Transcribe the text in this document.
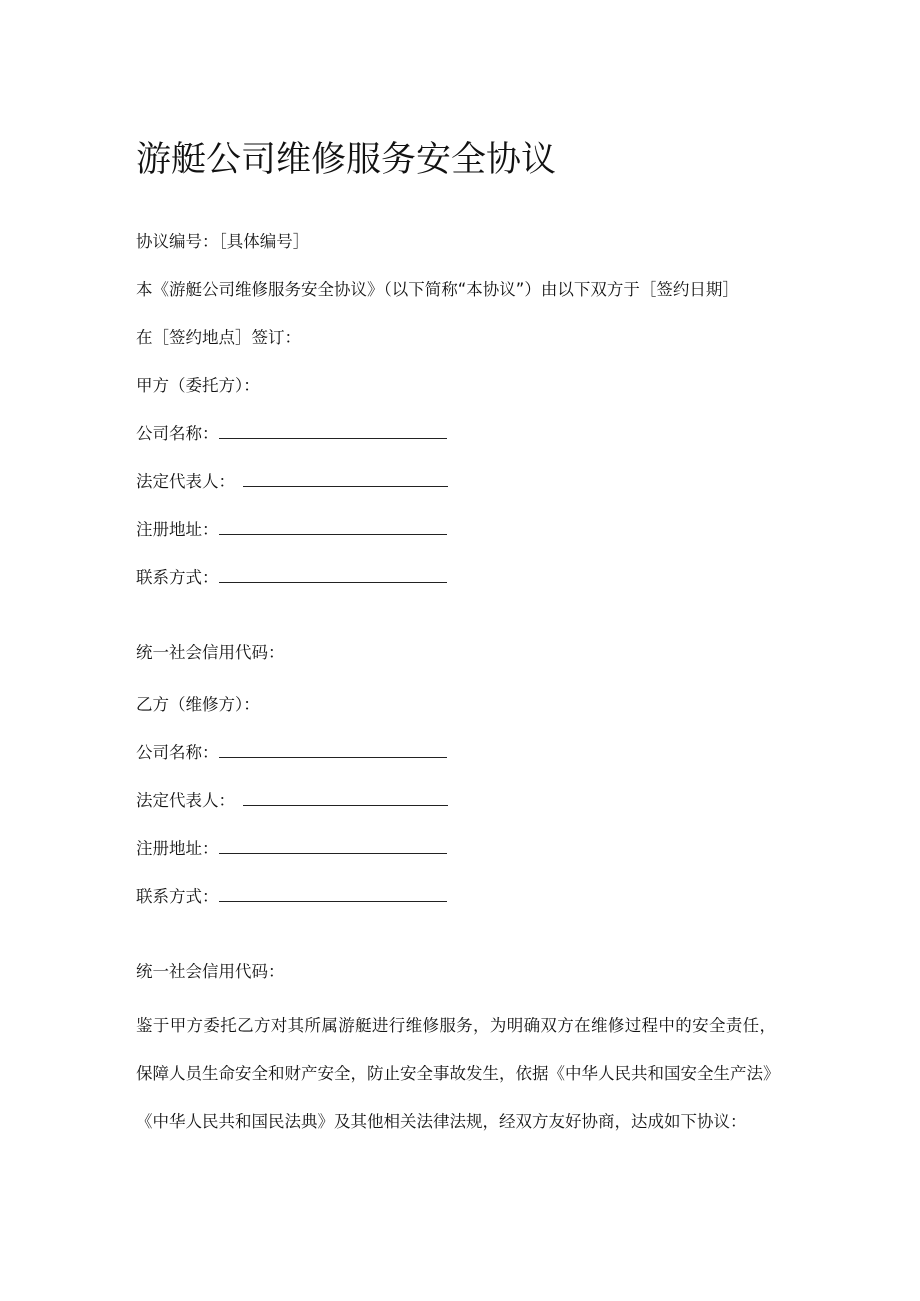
游艇公司维修服务安全协议
协议编号：［具体编号］
本《游艇公司维修服务安全协议》（以下简称“本协议”）由以下双方于［签约日期］
在［签约地点］签订：
甲方（委托方）：
公司名称：
法定代表人：
注册地址：
联系方式：
统一社会信用代码：
乙方（维修方）：
公司名称：
法定代表人：
注册地址：
联系方式：
统一社会信用代码：
鉴于甲方委托乙方对其所属游艇进行维修服务，为明确双方在维修过程中的安全责任，
保障人员生命安全和财产安全，防止安全事故发生，依据《中华人民共和国安全生产法》
《中华人民共和国民法典》及其他相关法律法规，经双方友好协商，达成如下协议：
